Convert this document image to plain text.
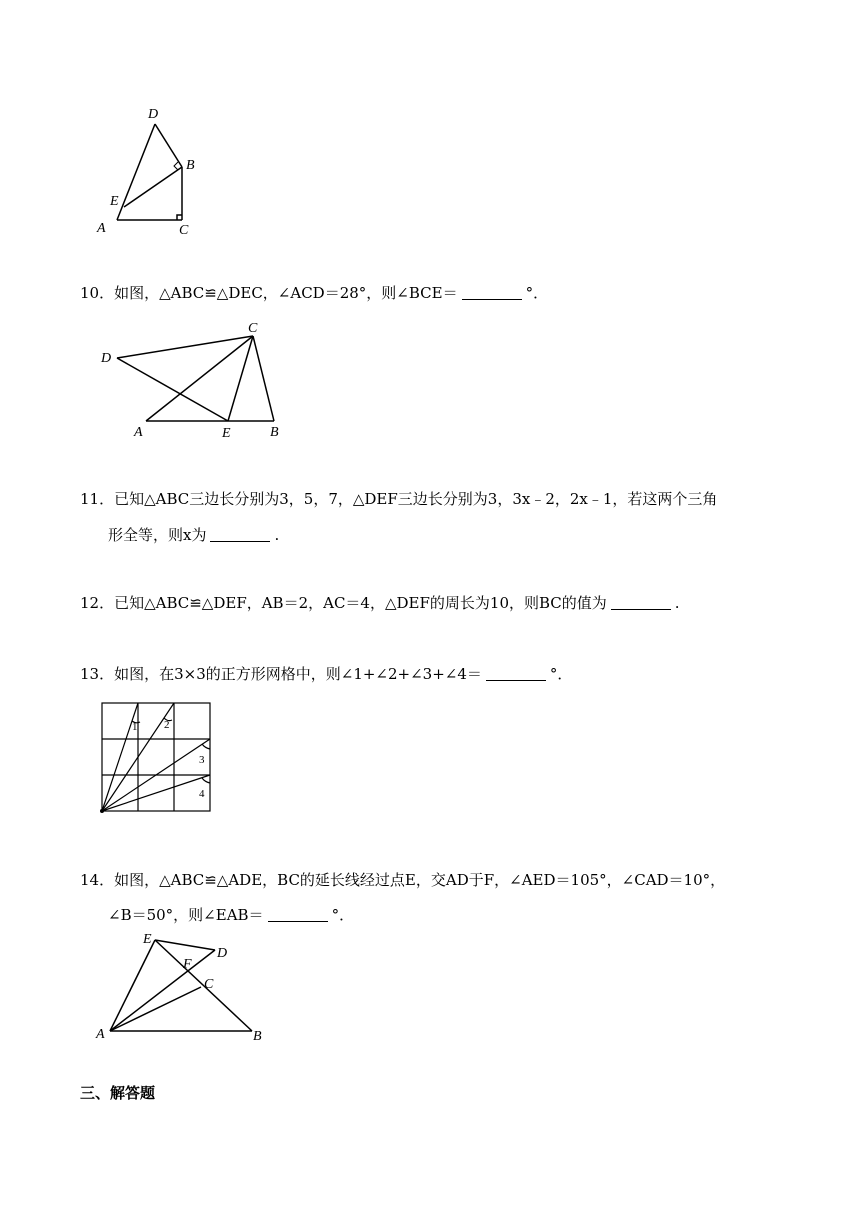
D
B
E
A	C

10．如图，△ABC≌△DEC，∠ACD＝28°，则∠BCE＝	°．

C
D
A	E	B

11．已知△ABC三边长分别为3，5，7，△DEF三边长分别为3，3x﹣2，2x﹣1，若这两个三角

形全等，则x为	.

12．已知△ABC≌△DEF，AB＝2，AC＝4，△DEF的周长为10，则BC的值为	.

13．如图，在3×3的正方形网格中，则∠1+∠2+∠3+∠4＝	°．

1 2
3
4

14．如图，△ABC≌△ADE，BC的延长线经过点E，交AD于F，∠AED＝105°，∠CAD＝10°，

∠B＝50°，则∠EAB＝	°．

E
D
F
C
A	B

三、解答题
